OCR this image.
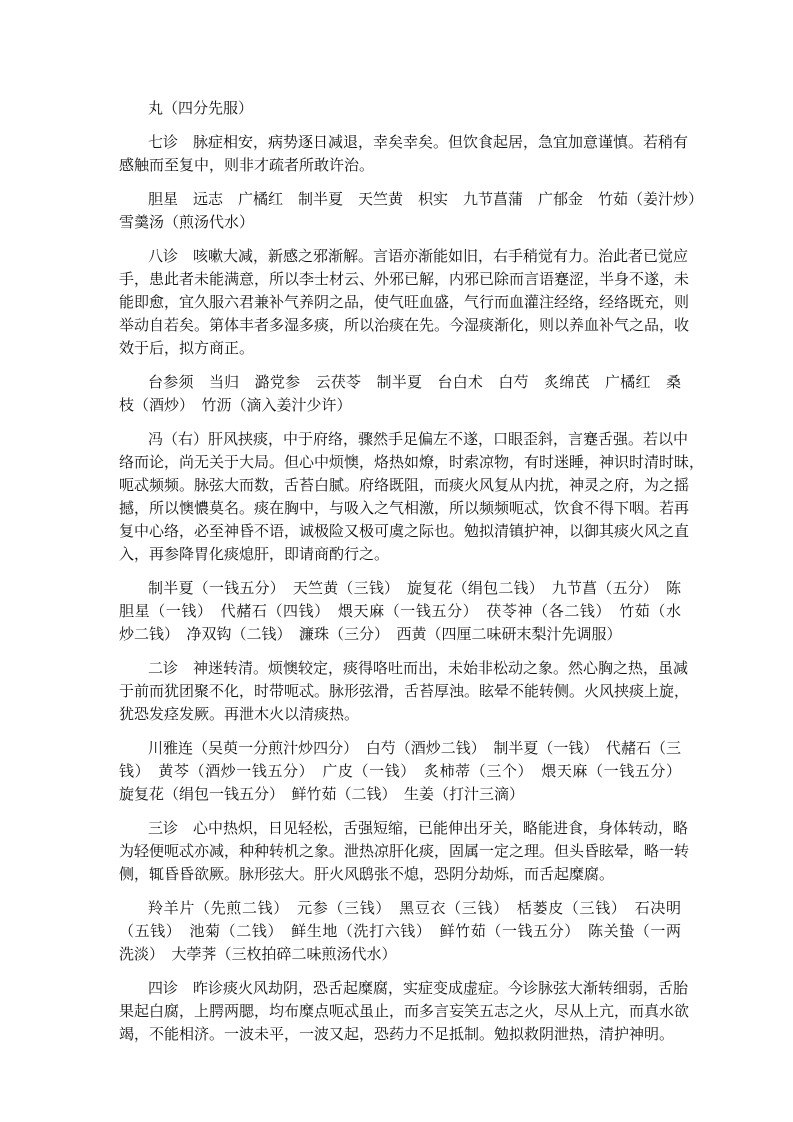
丸（四分先服）
七诊　脉症相安，病势逐日减退，幸矣幸矣。但饮食起居，急宜加意谨慎。若稍有
感触而至复中，则非才疏者所敢许治。
胆星　远志　广橘红　制半夏　天竺黄　枳实　九节菖蒲　广郁金　竹茹（姜汁炒）
雪羹汤（煎汤代水）
八诊　咳嗽大减，新感之邪渐解。言语亦渐能如旧，右手稍觉有力。治此者已觉应
手，患此者未能满意，所以李士材云、外邪已解，内邪已除而言语蹇涩，半身不遂，未
能即愈，宜久服六君兼补气养阴之品，使气旺血盛，气行而血灌注经络，经络既充，则
举动自若矣。第体丰者多湿多痰，所以治痰在先。今湿痰渐化，则以养血补气之品，收
效于后，拟方商正。
台参须　当归　潞党参　云茯苓　制半夏　台白术　白芍　炙绵芪　广橘红　桑
枝（酒炒）　竹沥（滴入姜汁少许）
冯（右）肝风挟痰，中于府络，骤然手足偏左不遂，口眼歪斜，言蹇舌强。若以中
络而论，尚无关于大局。但心中烦懊，烙热如燎，时索凉物，有时迷睡，神识时清时昧，
呃忒频频。脉弦大而数，舌苔白腻。府络既阻，而痰火风复从内扰，神灵之府，为之摇
撼，所以懊憹莫名。痰在胸中，与吸入之气相激，所以频频呃忒，饮食不得下咽。若再
复中心络，必至神昏不语，诚极险又极可虞之际也。勉拟清镇护神，以御其痰火风之直
入，再参降胃化痰熄肝，即请商酌行之。
制半夏（一钱五分）　天竺黄（三钱）　旋复花（绢包二钱）　九节菖（五分）　陈
胆星（一钱）　代赭石（四钱）　煨天麻（一钱五分）　茯苓神（各二钱）　竹茹（水
炒二钱）　净双钩（二钱）　濂珠（三分）　西黄（四厘二味研末梨汁先调服）
二诊　神迷转清。烦懊较定，痰得咯吐而出，未始非松动之象。然心胸之热，虽减
于前而犹团聚不化，时带呃忒。脉形弦滑，舌苔厚浊。眩晕不能转侧。火风挟痰上旋，
犹恐发痉发厥。再泄木火以清痰热。
川雅连（吴萸一分煎汁炒四分）　白芍（酒炒二钱）　制半夏（一钱）　代赭石（三
钱）　黄芩（酒炒一钱五分）　广皮（一钱）　炙柿蒂（三个）　煨天麻（一钱五分）
旋复花（绢包一钱五分）　鲜竹茹（二钱）　生姜（打汁三滴）
三诊　心中热炽，日见轻松，舌强短缩，已能伸出牙关，略能进食，身体转动，略
为轻便呃忒亦减，种种转机之象。泄热凉肝化痰，固属一定之理。但头昏眩晕，略一转
侧，辄昏昏欲厥。脉形弦大。肝火风鸱张不熄，恐阴分劫烁，而舌起糜腐。
羚羊片（先煎二钱）　元参（三钱）　黑豆衣（三钱）　栝蒌皮（三钱）　石决明
（五钱）　池菊（二钱）　鲜生地（洗打六钱）　鲜竹茹（一钱五分）　陈关蛰（一两
洗淡）　大荸荠（三枚拍碎二味煎汤代水）
四诊　昨诊痰火风劫阴，恐舌起糜腐，实症变成虚症。今诊脉弦大渐转细弱，舌胎
果起白腐，上腭两腮，均布糜点呃忒虽止，而多言妄笑五志之火，尽从上亢，而真水欲
竭，不能相济。一波未平，一波又起，恐药力不足抵制。勉拟救阴泄热，清护神明。
